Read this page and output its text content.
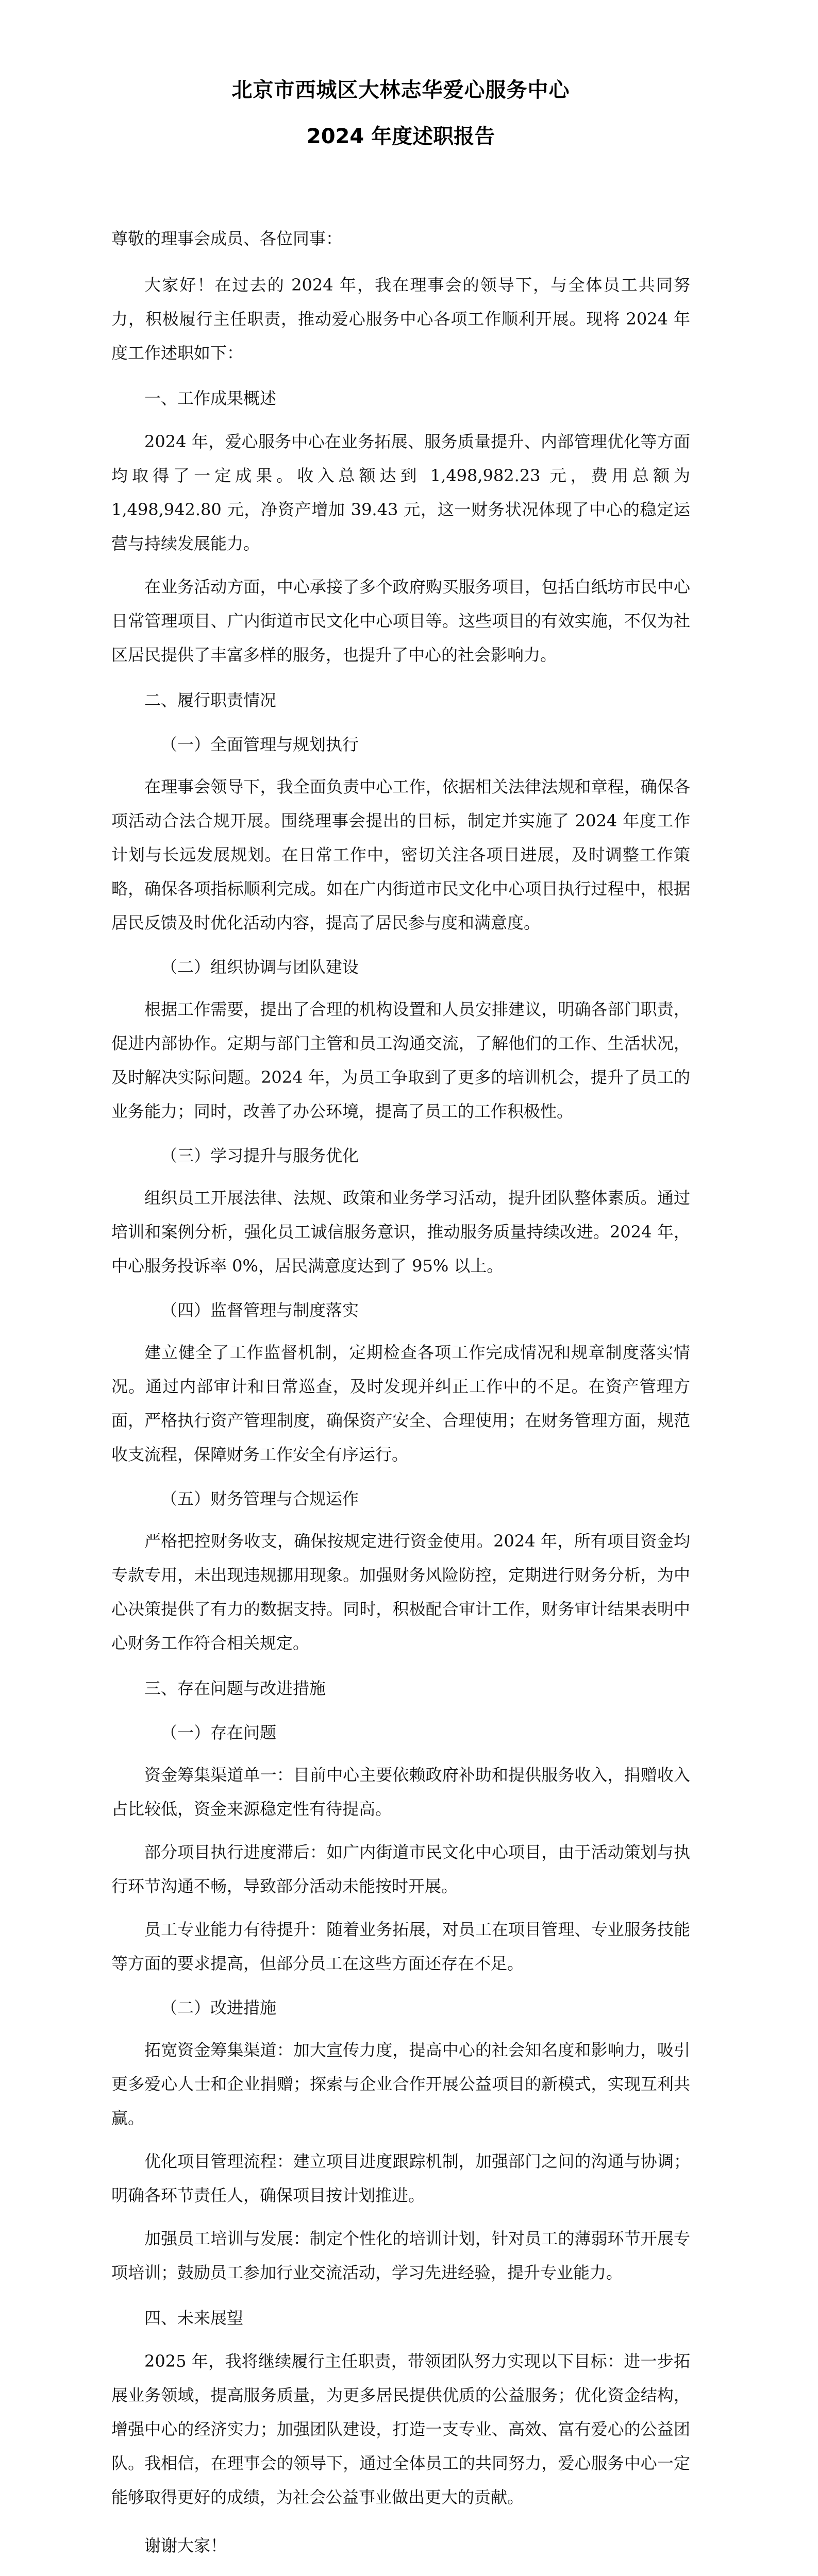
北京市西城区大林志华爱心服务中心
2024 年度述职报告

尊敬的理事会成员、各位同事：

大家好！在过去的 2024 年，我在理事会的领导下，与全体员工共同努力，积极履行主任职责，推动爱心服务中心各项工作顺利开展。现将 2024 年度工作述职如下：

一、工作成果概述

2024 年，爱心服务中心在业务拓展、服务质量提升、内部管理优化等方面均取得了一定成果。收入总额达到 1,498,982.23 元，费用总额为 1,498,942.80 元，净资产增加 39.43 元，这一财务状况体现了中心的稳定运营与持续发展能力。

在业务活动方面，中心承接了多个政府购买服务项目，包括白纸坊市民中心日常管理项目、广内街道市民文化中心项目等。这些项目的有效实施，不仅为社区居民提供了丰富多样的服务，也提升了中心的社会影响力。

二、履行职责情况
（一）全面管理与规划执行

在理事会领导下，我全面负责中心工作，依据相关法律法规和章程，确保各项活动合法合规开展。围绕理事会提出的目标，制定并实施了 2024 年度工作计划与长远发展规划。在日常工作中，密切关注各项目进展，及时调整工作策略，确保各项指标顺利完成。如在广内街道市民文化中心项目执行过程中，根据居民反馈及时优化活动内容，提高了居民参与度和满意度。

（二）组织协调与团队建设

根据工作需要，提出了合理的机构设置和人员安排建议，明确各部门职责，促进内部协作。定期与部门主管和员工沟通交流，了解他们的工作、生活状况，及时解决实际问题。2024 年，为员工争取到了更多的培训机会，提升了员工的业务能力；同时，改善了办公环境，提高了员工的工作积极性。

（三）学习提升与服务优化

组织员工开展法律、法规、政策和业务学习活动，提升团队整体素质。通过培训和案例分析，强化员工诚信服务意识，推动服务质量持续改进。2024 年，中心服务投诉率 0%，居民满意度达到了 95% 以上。

（四）监督管理与制度落实

建立健全了工作监督机制，定期检查各项工作完成情况和规章制度落实情况。通过内部审计和日常巡查，及时发现并纠正工作中的不足。在资产管理方面，严格执行资产管理制度，确保资产安全、合理使用；在财务管理方面，规范收支流程，保障财务工作安全有序运行。

（五）财务管理与合规运作

严格把控财务收支，确保按规定进行资金使用。2024 年，所有项目资金均专款专用，未出现违规挪用现象。加强财务风险防控，定期进行财务分析，为中心决策提供了有力的数据支持。同时，积极配合审计工作，财务审计结果表明中心财务工作符合相关规定。

三、存在问题与改进措施
（一）存在问题

资金筹集渠道单一：目前中心主要依赖政府补助和提供服务收入，捐赠收入占比较低，资金来源稳定性有待提高。

部分项目执行进度滞后：如广内街道市民文化中心项目，由于活动策划与执行环节沟通不畅，导致部分活动未能按时开展。

员工专业能力有待提升：随着业务拓展，对员工在项目管理、专业服务技能等方面的要求提高，但部分员工在这些方面还存在不足。

（二）改进措施

拓宽资金筹集渠道：加大宣传力度，提高中心的社会知名度和影响力，吸引更多爱心人士和企业捐赠；探索与企业合作开展公益项目的新模式，实现互利共赢。

优化项目管理流程：建立项目进度跟踪机制，加强部门之间的沟通与协调；明确各环节责任人，确保项目按计划推进。

加强员工培训与发展：制定个性化的培训计划，针对员工的薄弱环节开展专项培训；鼓励员工参加行业交流活动，学习先进经验，提升专业能力。

四、未来展望

2025 年，我将继续履行主任职责，带领团队努力实现以下目标：进一步拓展业务领域，提高服务质量，为更多居民提供优质的公益服务；优化资金结构，增强中心的经济实力；加强团队建设，打造一支专业、高效、富有爱心的公益团队。我相信，在理事会的领导下，通过全体员工的共同努力，爱心服务中心一定能够取得更好的成绩，为社会公益事业做出更大的贡献。

谢谢大家！
